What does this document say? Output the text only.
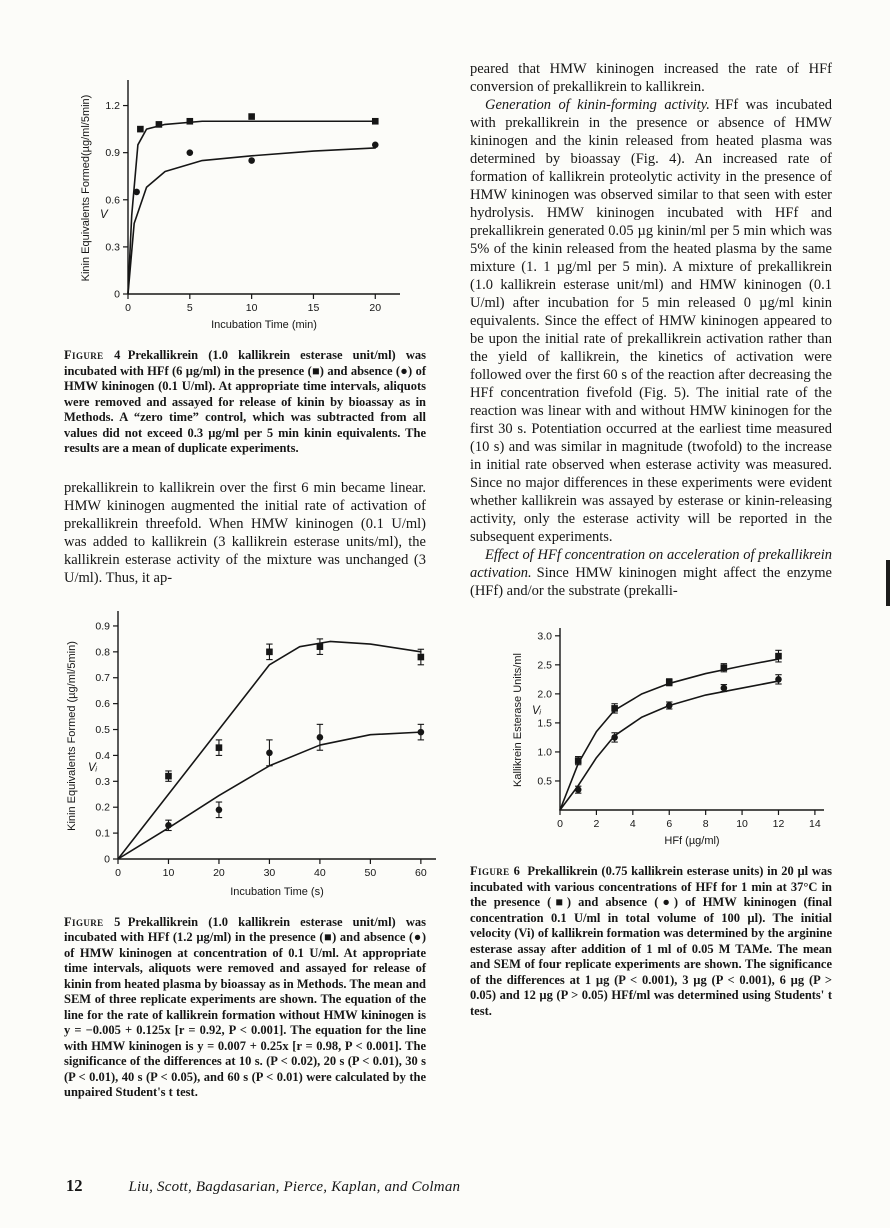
0	5	10	15	20
0
0.3
0.6
0.9
1.2
Incubation Time (min)
Kinin Equivalents Formed(µg/ml/5min) V

Figure 4 Prekallikrein (1.0 kallikrein esterase unit/ml) was incubated with HFf (6 µg/ml) in the presence (■) and absence (●) of HMW kininogen (0.1 U/ml). At appropriate time intervals, aliquots were removed and assayed for release of kinin by bioassay as in Methods. A “zero time” control, which was subtracted from all values did not exceed 0.3 µg/ml per 5 min kinin equivalents. The results are a mean of duplicate experiments.

prekallikrein to kallikrein over the first 6 min became linear. HMW kininogen augmented the initial rate of activation of prekallikrein threefold. When HMW kininogen (0.1 U/ml) was added to kallikrein (3 kallikrein esterase units/ml), the kallikrein esterase activity of the mixture was unchanged (3 U/ml). Thus, it ap-

0	10	20	30	40	50	60
0
0.1
0.2
0.3
0.4
0.5
0.6
0.7
0.8
0.9
Incubation Time (s)
Kinin Equivalents Formed (µg/ml/5min) Vᵢ

Figure 5 Prekallikrein (1.0 kallikrein esterase unit/ml) was incubated with HFf (1.2 µg/ml) in the presence (■) and absence (●) of HMW kininogen at concentration of 0.1 U/ml. At appropriate time intervals, aliquots were removed and assayed for release of kinin from heated plasma by bioassay as in Methods. The mean and SEM of three replicate experiments are shown. The equation of the line for the rate of kallikrein formation without HMW kininogen is y = −0.005 + 0.125x [r = 0.92, P < 0.001]. The equation for the line with HMW kininogen is y = 0.007 + 0.25x [r = 0.98, P < 0.001]. The significance of the differences at 10 s. (P < 0.02), 20 s (P < 0.01), 30 s (P < 0.01), 40 s (P < 0.05), and 60 s (P < 0.01) were calculated by the unpaired Student's t test.

peared that HMW kininogen increased the rate of HFf conversion of prekallikrein to kallikrein.

Generation of kinin-forming activity. HFf was incubated with prekallikrein in the presence or absence of HMW kininogen and the kinin released from heated plasma was determined by bioassay (Fig. 4). An increased rate of formation of kallikrein proteolytic activity in the presence of HMW kininogen was observed similar to that seen with ester hydrolysis. HMW kininogen incubated with HFf and prekallikrein generated 0.05 µg kinin/ml per 5 min which was 5% of the kinin released from the heated plasma by the same mixture (1. 1 µg/ml per 5 min). A mixture of prekallikrein (1.0 kallikrein esterase unit/ml) and HMW kininogen (0.1 U/ml) after incubation for 5 min released 0 µg/ml kinin equivalents. Since the effect of HMW kininogen appeared to be upon the initial rate of prekallikrein activation rather than the yield of kallikrein, the kinetics of activation were followed over the first 60 s of the reaction after decreasing the HFf concentration fivefold (Fig. 5). The initial rate of the reaction was linear with and without HMW kininogen for the first 30 s. Potentiation occurred at the earliest time measured (10 s) and was similar in magnitude (twofold) to the increase in initial rate observed when esterase activity was measured. Since no major differences in these experiments were evident whether kallikrein was assayed by esterase or kinin-releasing activity, only the esterase activity will be reported in the subsequent experiments.

Effect of HFf concentration on acceleration of prekallikrein activation. Since HMW kininogen might affect the enzyme (HFf) and/or the substrate (prekalli-

0	2	4	6	8	10 12 14
0.5
1.0
1.5
2.0
2.5
3.0
HFf (µg/ml)
Kallikrein Esterase Units/ml Vᵢ

Figure 6 Prekallikrein (0.75 kallikrein esterase units) in 20 µl was incubated with various concentrations of HFf for 1 min at 37°C in the presence (■) and absence (●) of HMW kininogen (final concentration 0.1 U/ml in total volume of 100 µl). The initial velocity (Vi) of kallikrein formation was determined by the arginine esterase assay after addition of 1 ml of 0.05 M TAMe. The mean and SEM of four replicate experiments are shown. The significance of the differences at 1 µg (P < 0.001), 3 µg (P < 0.001), 6 µg (P > 0.05) and 12 µg (P > 0.05) HFf/ml was determined using Students' t test.

12	Liu, Scott, Bagdasarian, Pierce, Kaplan, and Colman
